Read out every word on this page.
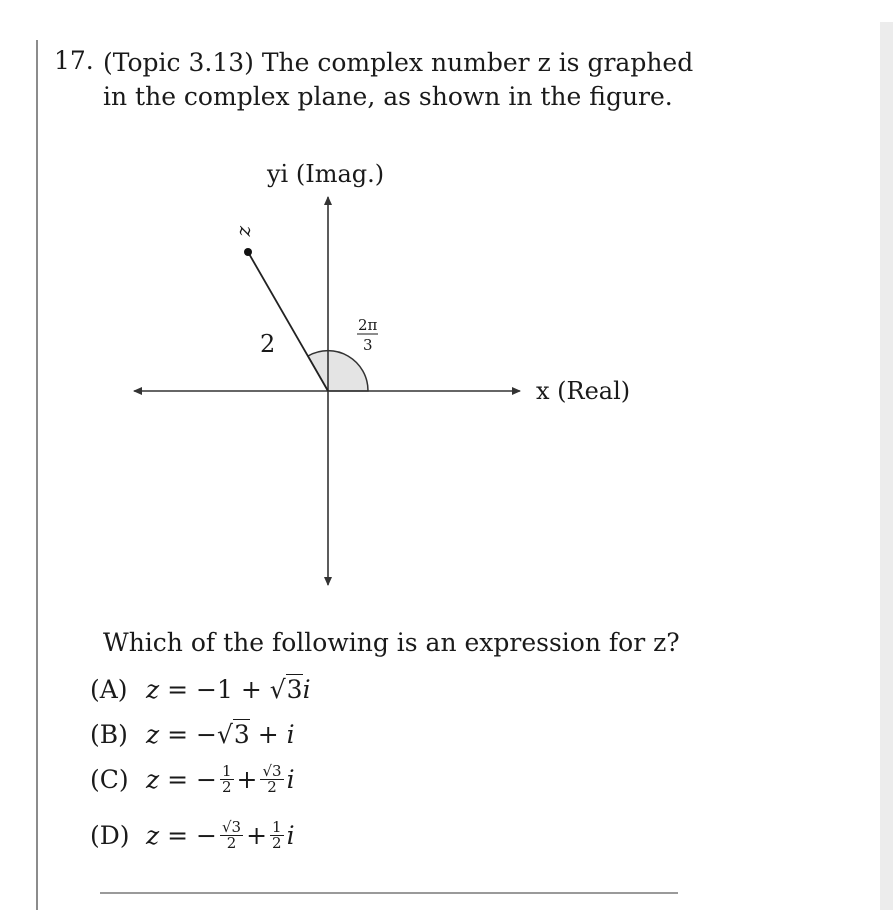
17. (Topic 3.13) The complex number z is graphed
in the complex plane, as shown in the figure.
yi (Imag.)
x (Real)
z
2
2π
3
Which of the following is an expression for z?
(A) z = −1 + √3 i
(B) z = − √3 + i
(C) z = − $\frac{1}{2} + \frac{√3}{2}$ i
(D) z = − $\frac{√3}{2} + \frac{1}{2}$ i
